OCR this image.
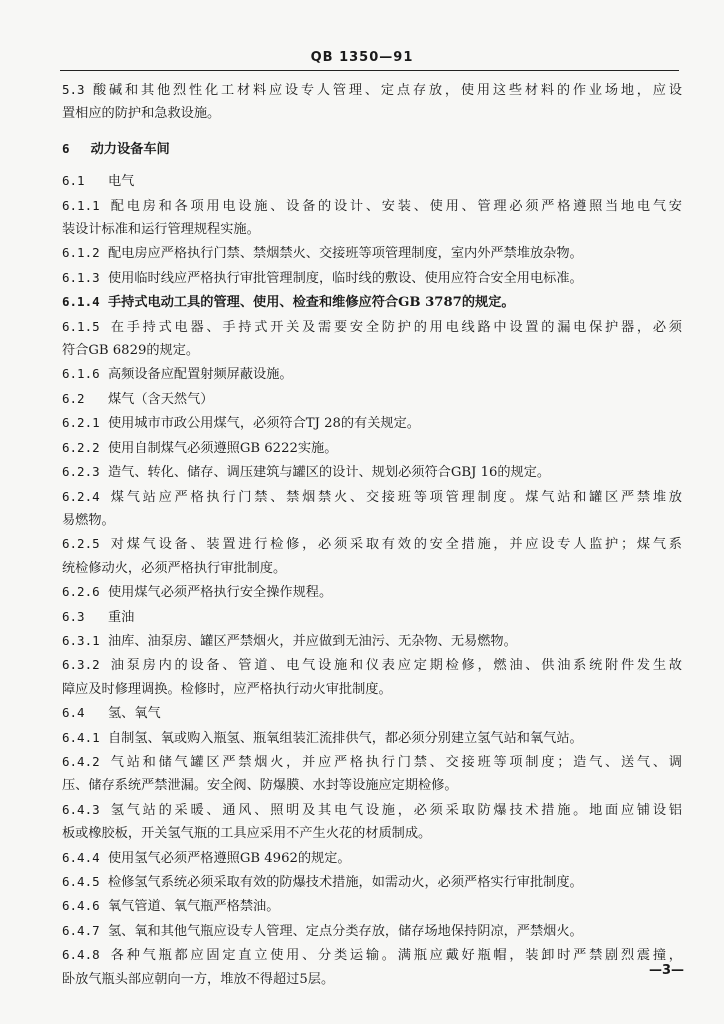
QB 1350—91
5.3 酸碱和其他烈性化工材料应设专人管理、定点存放，使用这些材料的作业场地，应设
置相应的防护和急救设施。
6 动力设备车间
6.1 电气
6.1.1 配电房和各项用电设施、设备的设计、安装、使用、管理必须严格遵照当地电气安
装设计标准和运行管理规程实施。
6.1.2 配电房应严格执行门禁、禁烟禁火、交接班等项管理制度，室内外严禁堆放杂物。
6.1.3 使用临时线应严格执行审批管理制度，临时线的敷设、使用应符合安全用电标准。
6.1.4 手持式电动工具的管理、使用、检查和维修应符合GB 3787的规定。
6.1.5 在手持式电器、手持式开关及需要安全防护的用电线路中设置的漏电保护器，必须
符合GB 6829的规定。
6.1.6 高频设备应配置射频屏蔽设施。
6.2 煤气（含天然气）
6.2.1 使用城市市政公用煤气，必须符合TJ 28的有关规定。
6.2.2 使用自制煤气必须遵照GB 6222实施。
6.2.3 造气、转化、储存、调压建筑与罐区的设计、规划必须符合GBJ 16的规定。
6.2.4 煤气站应严格执行门禁、禁烟禁火、交接班等项管理制度。煤气站和罐区严禁堆放
易燃物。
6.2.5 对煤气设备、装置进行检修，必须采取有效的安全措施，并应设专人监护；煤气系
统检修动火，必须严格执行审批制度。
6.2.6 使用煤气必须严格执行安全操作规程。
6.3 重油
6.3.1 油库、油泵房、罐区严禁烟火，并应做到无油污、无杂物、无易燃物。
6.3.2 油泵房内的设备、管道、电气设施和仪表应定期检修，燃油、供油系统附件发生故
障应及时修理调换。检修时，应严格执行动火审批制度。
6.4 氢、氧气
6.4.1 自制氢、氧或购入瓶氢、瓶氧组装汇流排供气，都必须分别建立氢气站和氧气站。
6.4.2 气站和储气罐区严禁烟火，并应严格执行门禁、交接班等项制度；造气、送气、调
压、储存系统严禁泄漏。安全阀、防爆膜、水封等设施应定期检修。
6.4.3 氢气站的采暖、通风、照明及其电气设施，必须采取防爆技术措施。地面应铺设铝
板或橡胶板，开关氢气瓶的工具应采用不产生火花的材质制成。
6.4.4 使用氢气必须严格遵照GB 4962的规定。
6.4.5 检修氢气系统必须采取有效的防爆技术措施，如需动火，必须严格实行审批制度。
6.4.6 氧气管道、氧气瓶严格禁油。
6.4.7 氢、氧和其他气瓶应设专人管理、定点分类存放，储存场地保持阴凉，严禁烟火。
6.4.8 各种气瓶都应固定直立使用、分类运输。满瓶应戴好瓶帽，装卸时严禁剧烈震撞，
卧放气瓶头部应朝向一方，堆放不得超过5层。
—3—
